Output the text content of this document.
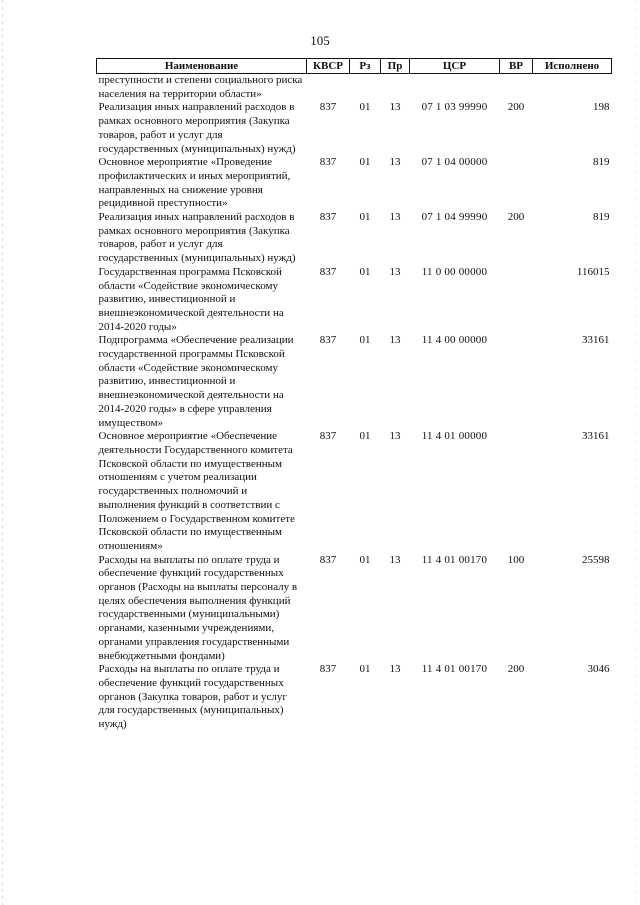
105
Наименование	КВСР	Рз	Пр	ЦСР	ВР	Исполнено
преступности и степени социального риска населения на территории области»						
Реализация иных направлений расходов в рамках основного мероприятия (Закупка товаров, работ и услуг для государственных (муниципальных) нужд)	837	01	13	07 1 03 99990	200	198
Основное мероприятие «Проведение профилактических и иных мероприятий, направленных на снижение уровня рецидивной преступности»	837	01	13	07 1 04 00000		819
Реализация иных направлений расходов в рамках основного мероприятия (Закупка товаров, работ и услуг для государственных (муниципальных) нужд)	837	01	13	07 1 04 99990	200	819
Государственная программа Псковской области «Содействие экономическому развитию, инвестиционной и внешнеэкономической деятельности на 2014-2020 годы»	837	01	13	11 0 00 00000		116015
Подпрограмма «Обеспечение реализации государственной программы Псковской области «Содействие экономическому развитию, инвестиционной и внешнеэкономической деятельности на 2014-2020 годы» в сфере управления имуществом»	837	01	13	11 4 00 00000		33161
Основное мероприятие «Обеспечение деятельности Государственного комитета Псковской области по имущественным отношениям с учетом реализации государственных полномочий и выполнения функций в соответствии с Положением о Государственном комитете Псковской области по имущественным отношениям»	837	01	13	11 4 01 00000		33161
Расходы на выплаты по оплате труда и обеспечение функций государственных органов (Расходы на выплаты персоналу в целях обеспечения выполнения функций государственными (муниципальными) органами, казенными учреждениями, органами управления государственными внебюджетными фондами)	837	01	13	11 4 01 00170	100	25598
Расходы на выплаты по оплате труда и обеспечение функций государственных органов (Закупка товаров, работ и услуг для государственных (муниципальных) нужд)	837	01	13	11 4 01 00170	200	3046
